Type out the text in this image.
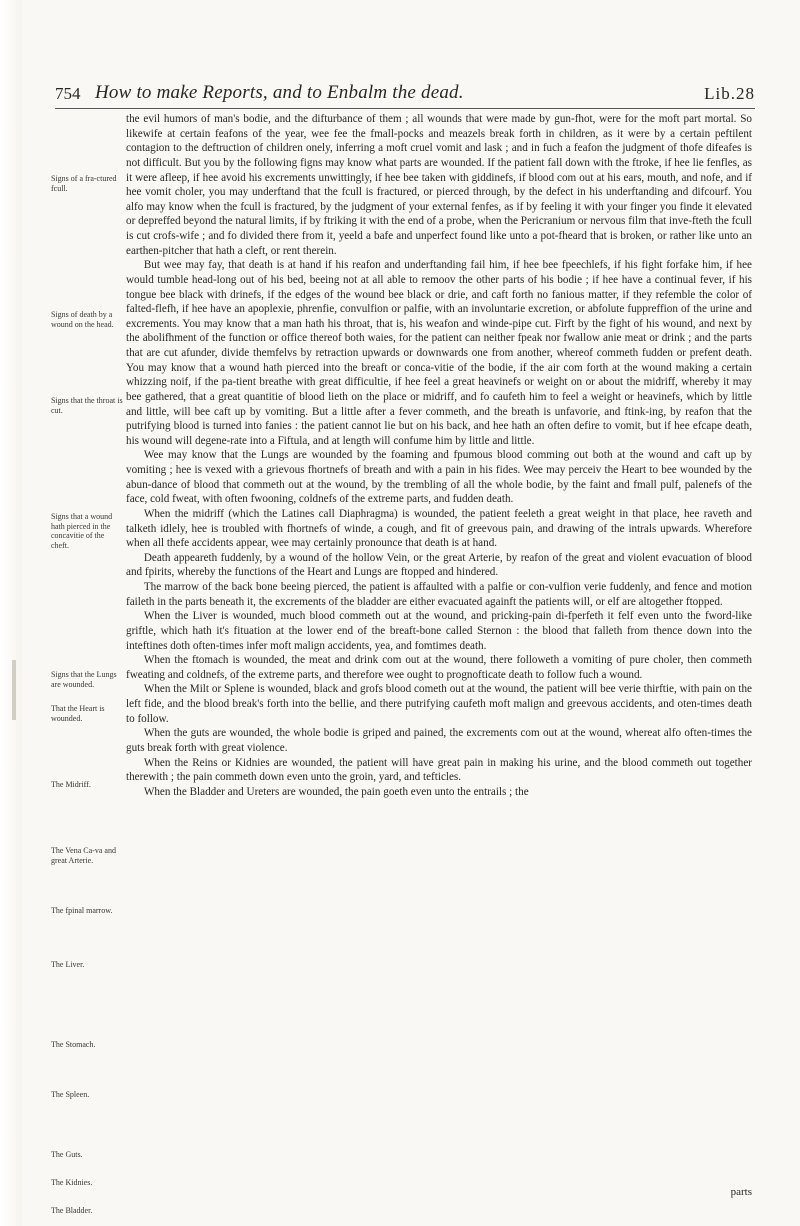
754 How to make Reports, and to Enbalm the dead.	Lib.28

the evil humors of man's bodie, and the difturbance of them ; all wounds that were made by gun-fhot, were for the moft part mortal. So likewife at certain feafons of the year, wee fee the fmall-pocks and meazels break forth in children, as it were by a certain peftilent contagion to the deftruction of children onely, inferring a moft cruel vomit and lask ; and in fuch a feafon the judgment of thofe difeafes is not difficult. But you by the following figns may know what parts are wounded. If the patient fall down with the ftroke, if hee lie fenfles, as it were afleep, if hee avoid his excrements unwittingly, if hee bee taken with giddinefs, if blood com out at his ears, mouth, and nofe, and if hee vomit choler, you may underftand that the fcull is fractured, or pierced through, by the defect in his underftanding and difcourf. You alfo may know when the fcull is fractured, by the judgment of your external fenfes, as if by feeling it with your finger you finde it elevated or depreffed beyond the natural limits, if by ftriking it with the end of a probe, when the Pericranium or nervous film that inve-fteth the fcull is cut crofs-wife ; and fo divided there from it, yeeld a bafe and unperfect found like unto a pot-fheard that is broken, or rather like unto an earthen-pitcher that hath a cleft, or rent therein.

But wee may fay, that death is at hand if his reafon and underftanding fail him, if hee bee fpeechlefs, if his fight forfake him, if hee would tumble head-long out of his bed, beeing not at all able to remoov the other parts of his bodie ; if hee have a continual fever, if his tongue bee black with drinefs, if the edges of the wound bee black or drie, and caft forth no fanious matter, if they refemble the color of falted-flefh, if hee have an apoplexie, phrenfie, convulfion or palfie, with an involuntarie excretion, or abfolute fuppreffion of the urine and excrements. You may know that a man hath his throat, that is, his weafon and winde-pipe cut. Firft by the fight of his wound, and next by the abolifhment of the function or office thereof both waies, for the patient can neither fpeak nor fwallow anie meat or drink ; and the parts that are cut afunder, divide themfelvs by retraction upwards or downwards one from another, whereof commeth fudden or prefent death. You may know that a wound hath pierced into the breaft or conca-vitie of the bodie, if the air com forth at the wound making a certain whizzing noif, if the pa-tient breathe with great difficultie, if hee feel a great heavinefs or weight on or about the midriff, whereby it may bee gathered, that a great quantitie of blood lieth on the place or midriff, and fo caufeth him to feel a weight or heavinefs, which by little and little, will bee caft up by vomiting. But a little after a fever commeth, and the breath is unfavorie, and ftink-ing, by reafon that the putrifying blood is turned into fanies : the patient cannot lie but on his back, and hee hath an often defire to vomit, but if hee efcape death, his wound will degene-rate into a Fiftula, and at length will confume him by little and little.

Wee may know that the Lungs are wounded by the foaming and fpumous blood comming out both at the wound and caft up by vomiting ; hee is vexed with a grievous fhortnefs of breath and with a pain in his fides. Wee may perceiv the Heart to bee wounded by the abun-dance of blood that commeth out at the wound, by the trembling of all the whole bodie, by the faint and fmall pulf, palenefs of the face, cold fweat, with often fwooning, coldnefs of the extreme parts, and fudden death.

When the midriff (which the Latines call Diaphragma) is wounded, the patient feeleth a great weight in that place, hee raveth and talketh idlely, hee is troubled with fhortnefs of winde, a cough, and fit of greevous pain, and drawing of the intrals upwards. Wherefore when all thefe accidents appear, wee may certainly pronounce that death is at hand.

Death appeareth fuddenly, by a wound of the hollow Vein, or the great Arterie, by reafon of the great and violent evacuation of blood and fpirits, whereby the functions of the Heart and Lungs are ftopped and hindered.

The marrow of the back bone beeing pierced, the patient is affaulted with a palfie or con-vulfion verie fuddenly, and fence and motion faileth in the parts beneath it, the excrements of the bladder are either evacuated againft the patients will, or elf are altogether ftopped.

When the Liver is wounded, much blood commeth out at the wound, and pricking-pain di-fperfeth it felf even unto the fword-like griftle, which hath it's fituation at the lower end of the breaft-bone called Sternon : the blood that falleth from thence down into the inteftines doth often-times infer moft malign accidents, yea, and fomtimes death.

When the ftomach is wounded, the meat and drink com out at the wound, there followeth a vomiting of pure choler, then commeth fweating and coldnefs, of the extreme parts, and therefore wee ought to prognofticate death to follow fuch a wound.

When the Milt or Splene is wounded, black and grofs blood cometh out at the wound, the patient will bee verie thirftie, with pain on the left fide, and the blood break's forth into the bellie, and there putrifying caufeth moft malign and greevous accidents, and oten-times death to follow.

When the guts are wounded, the whole bodie is griped and pained, the excrements com out at the wound, whereat alfo often-times the guts break forth with great violence.

When the Reins or Kidnies are wounded, the patient will have great pain in making his urine, and the blood commeth out together therewith ; the pain commeth down even unto the groin, yard, and tefticles.

When the Bladder and Ureters are wounded, the pain goeth even unto the entrails ; the

Signs of a fra-ctured fcull.
Signs of death by a wound on the head.
Signs that the throat is cut.
Signs that a wound hath pierced in the concavitie of the cheft.
Signs that the Lungs are wounded.
That the Heart is wounded.
The Midriff.
The Vena Ca-va and great Arterie.
The fpinal marrow.
The Liver.
The Stomach.
The Spleen.
The Guts.
The Kidnies.
The Bladder.
parts
